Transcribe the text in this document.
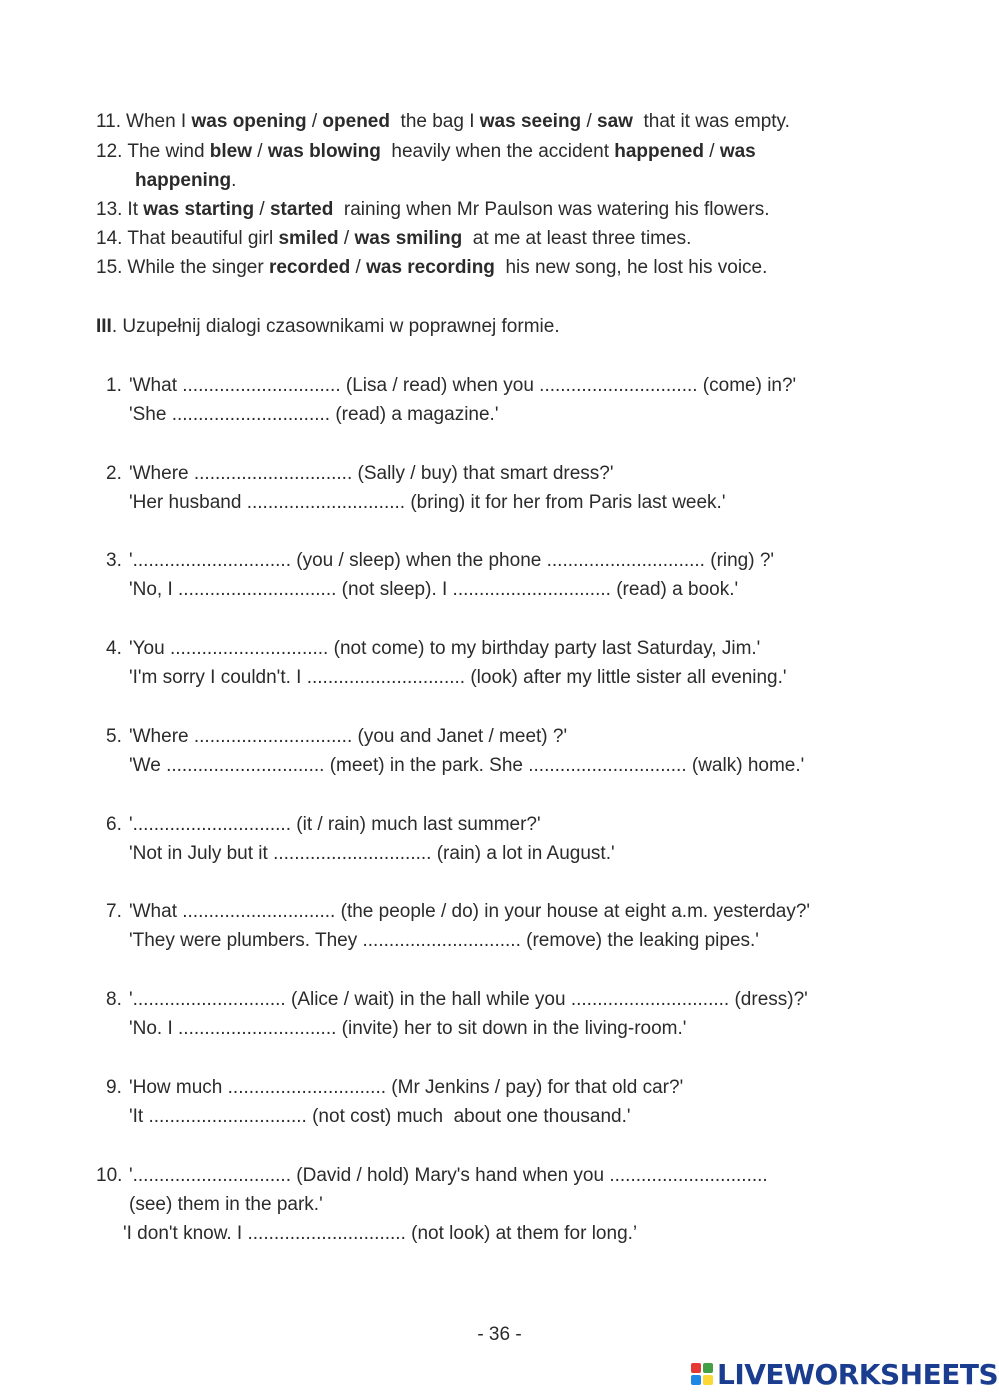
11. When I was opening / opened  the bag I was seeing / saw  that it was empty.
12. The wind blew / was blowing  heavily when the accident happened / was
happening.
13. It was starting / started  raining when Mr Paulson was watering his flowers.
14. That beautiful girl smiled / was smiling  at me at least three times.
15. While the singer recorded / was recording  his new song, he lost his voice.
III. Uzupełnij dialogi czasownikami w poprawnej formie.
1. 'What .............................. (Lisa / read) when you .............................. (come) in?'
'She .............................. (read) a magazine.'
2. 'Where .............................. (Sally / buy) that smart dress?'
'Her husband .............................. (bring) it for her from Paris last week.'
3. '.............................. (you / sleep) when the phone .............................. (ring) ?'
'No, I .............................. (not sleep). I .............................. (read) a book.'
4. 'You .............................. (not come) to my birthday party last Saturday, Jim.'
'I'm sorry I couldn't. I .............................. (look) after my little sister all evening.'
5. 'Where .............................. (you and Janet / meet) ?'
'We .............................. (meet) in the park. She .............................. (walk) home.'
6. '.............................. (it / rain) much last summer?'
'Not in July but it .............................. (rain) a lot in August.'
7. 'What ............................. (the people / do) in your house at eight a.m. yesterday?'
'They were plumbers. They .............................. (remove) the leaking pipes.'
8. '............................. (Alice / wait) in the hall while you .............................. (dress)?'
'No. I .............................. (invite) her to sit down in the living-room.'
9. 'How much .............................. (Mr Jenkins / pay) for that old car?'
'It .............................. (not cost) much  about one thousand.'
10. '.............................. (David / hold) Mary's hand when you ..............................
(see) them in the park.'
'I don't know. I .............................. (not look) at them for long.’
- 36 -
LIVEWORKSHEETS
